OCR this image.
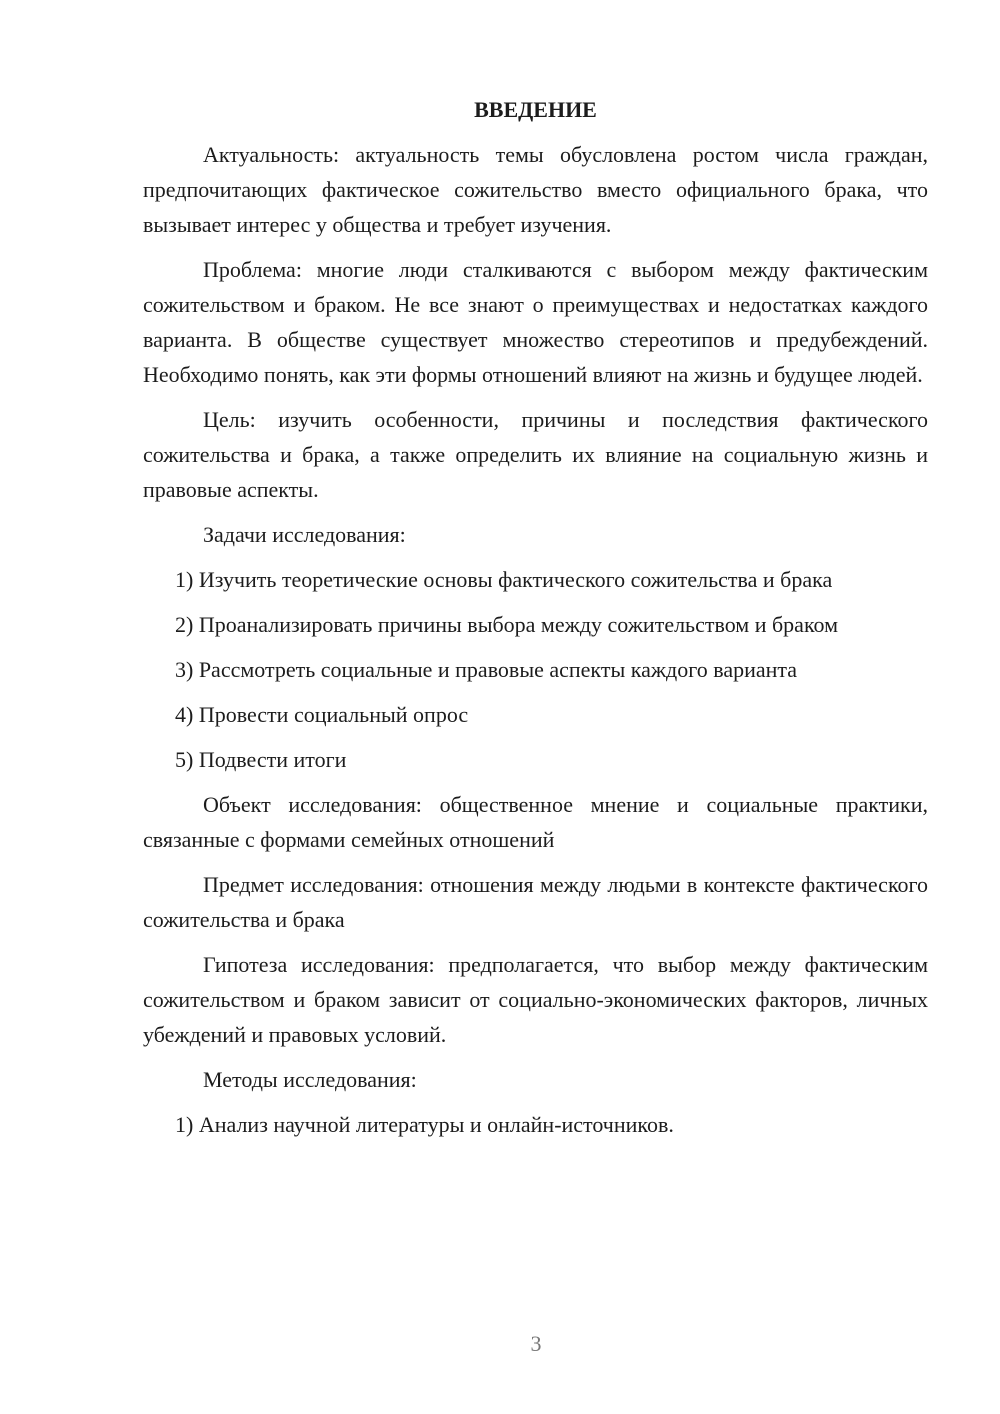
ВВЕДЕНИЕ

Актуальность: актуальность темы обусловлена ростом числа граждан, предпочитающих фактическое сожительство вместо официального брака, что вызывает интерес у общества и требует изучения.

Проблема: многие люди сталкиваются с выбором между фактическим сожительством и браком. Не все знают о преимуществах и недостатках каждого варианта. В обществе существует множество стереотипов и предубеждений. Необходимо понять, как эти формы отношений влияют на жизнь и будущее людей.

Цель: изучить особенности, причины и последствия фактического сожительства и брака, а также определить их влияние на социальную жизнь и правовые аспекты.

Задачи исследования:

1) Изучить теоретические основы фактического сожительства и брака

2) Проанализировать причины выбора между сожительством и браком

3) Рассмотреть социальные и правовые аспекты каждого варианта

4) Провести социальный опрос

5) Подвести итоги

Объект исследования: общественное мнение и социальные практики, связанные с формами семейных отношений

Предмет исследования: отношения между людьми в контексте фактического сожительства и брака

Гипотеза исследования: предполагается, что выбор между фактическим сожительством и браком зависит от социально-экономических факторов, личных убеждений и правовых условий.

Методы исследования:

1) Анализ научной литературы и онлайн-источников.

3
